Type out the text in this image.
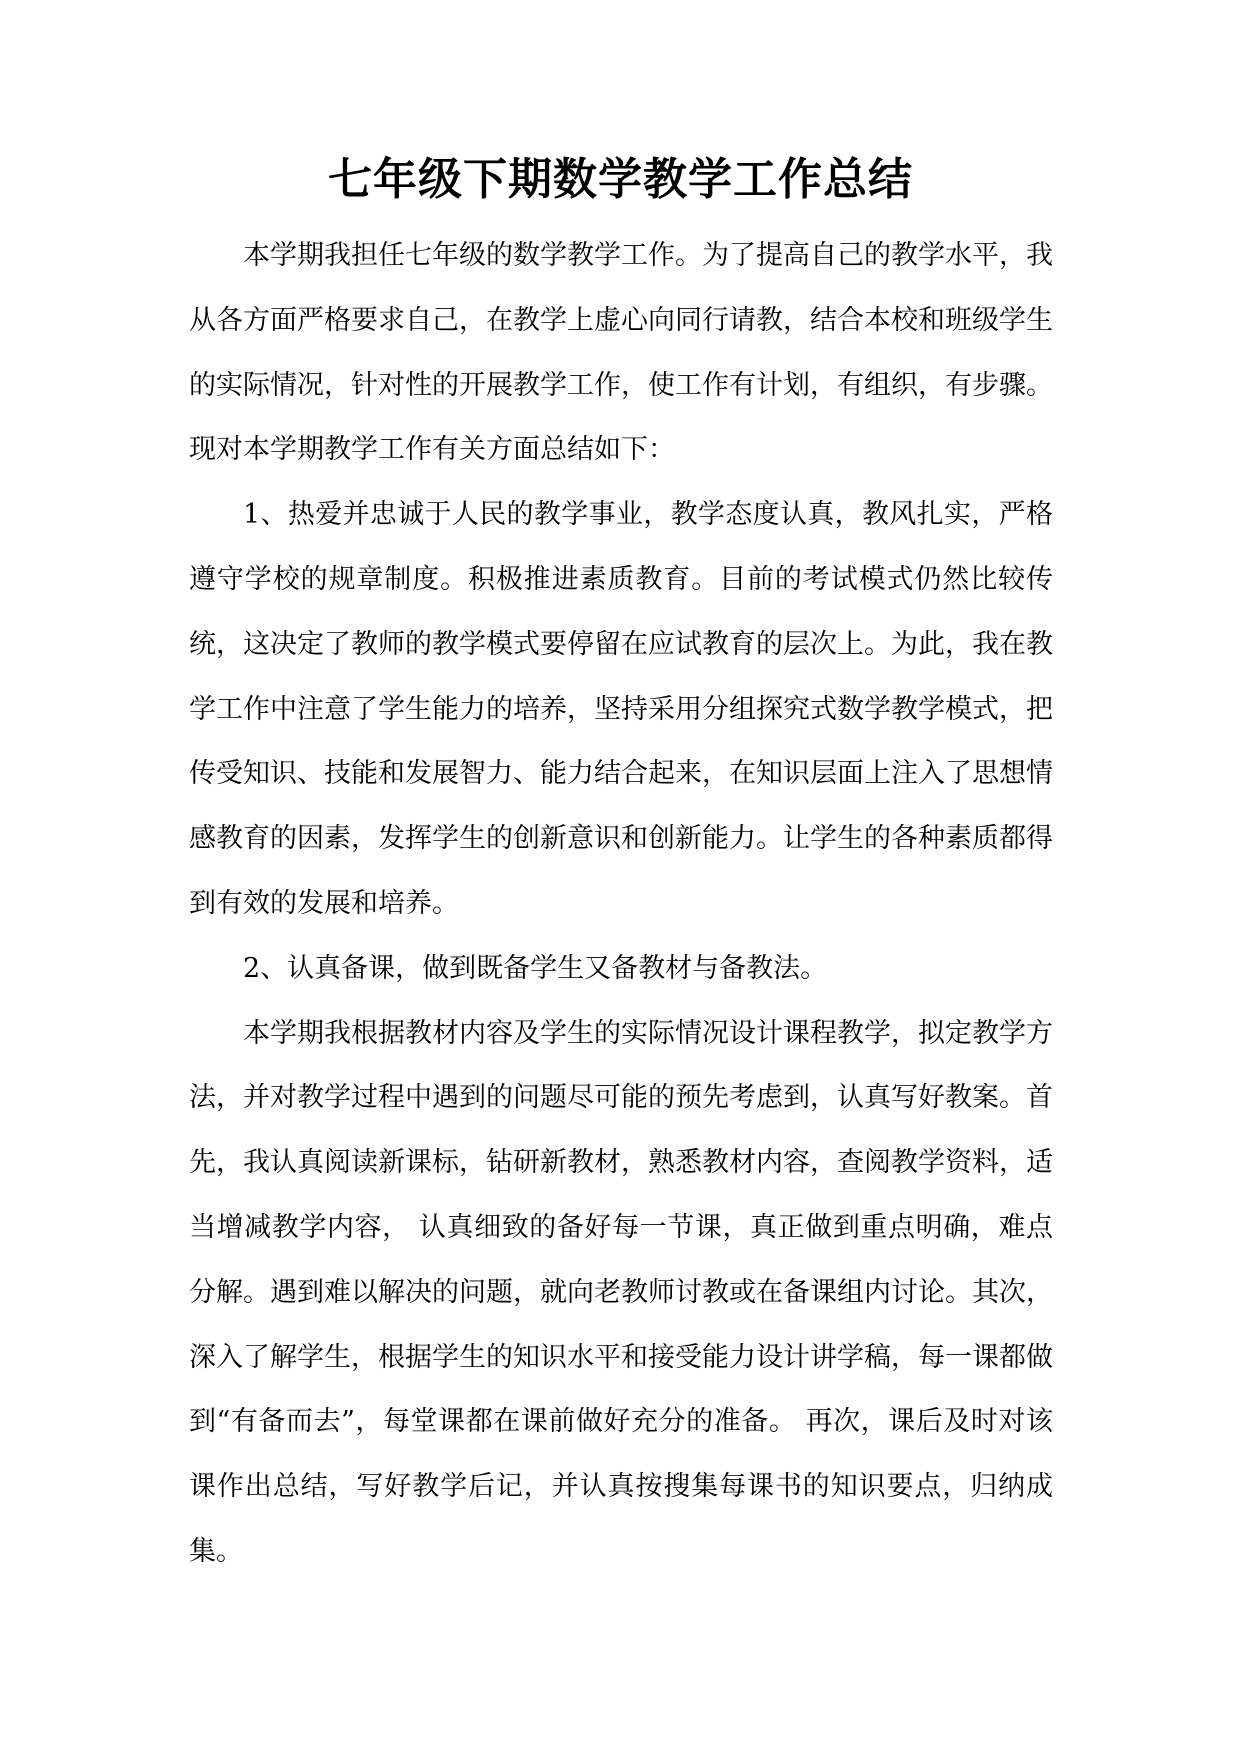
七年级下期数学教学工作总结

本学期我担任七年级的数学教学工作。为了提高自己的教学水平，我从各方面严格要求自己，在教学上虚心向同行请教，结合本校和班级学生的实际情况，针对性的开展教学工作，使工作有计划，有组织，有步骤。现对本学期教学工作有关方面总结如下：

1、热爱并忠诚于人民的教学事业，教学态度认真，教风扎实，严格遵守学校的规章制度。积极推进素质教育。目前的考试模式仍然比较传统，这决定了教师的教学模式要停留在应试教育的层次上。为此，我在教学工作中注意了学生能力的培养，坚持采用分组探究式数学教学模式，把传受知识、技能和发展智力、能力结合起来，在知识层面上注入了思想情感教育的因素，发挥学生的创新意识和创新能力。让学生的各种素质都得到有效的发展和培养。

2、认真备课，做到既备学生又备教材与备教法。

本学期我根据教材内容及学生的实际情况设计课程教学，拟定教学方法，并对教学过程中遇到的问题尽可能的预先考虑到，认真写好教案。首先，我认真阅读新课标，钻研新教材，熟悉教材内容，查阅教学资料，适当增减教学内容， 认真细致的备好每一节课，真正做到重点明确，难点分解。遇到难以解决的问题，就向老教师讨教或在备课组内讨论。其次，深入了解学生，根据学生的知识水平和接受能力设计讲学稿，每一课都做到“有备而去”，每堂课都在课前做好充分的准备。 再次，课后及时对该课作出总结，写好教学后记，并认真按搜集每课书的知识要点，归纳成集。
